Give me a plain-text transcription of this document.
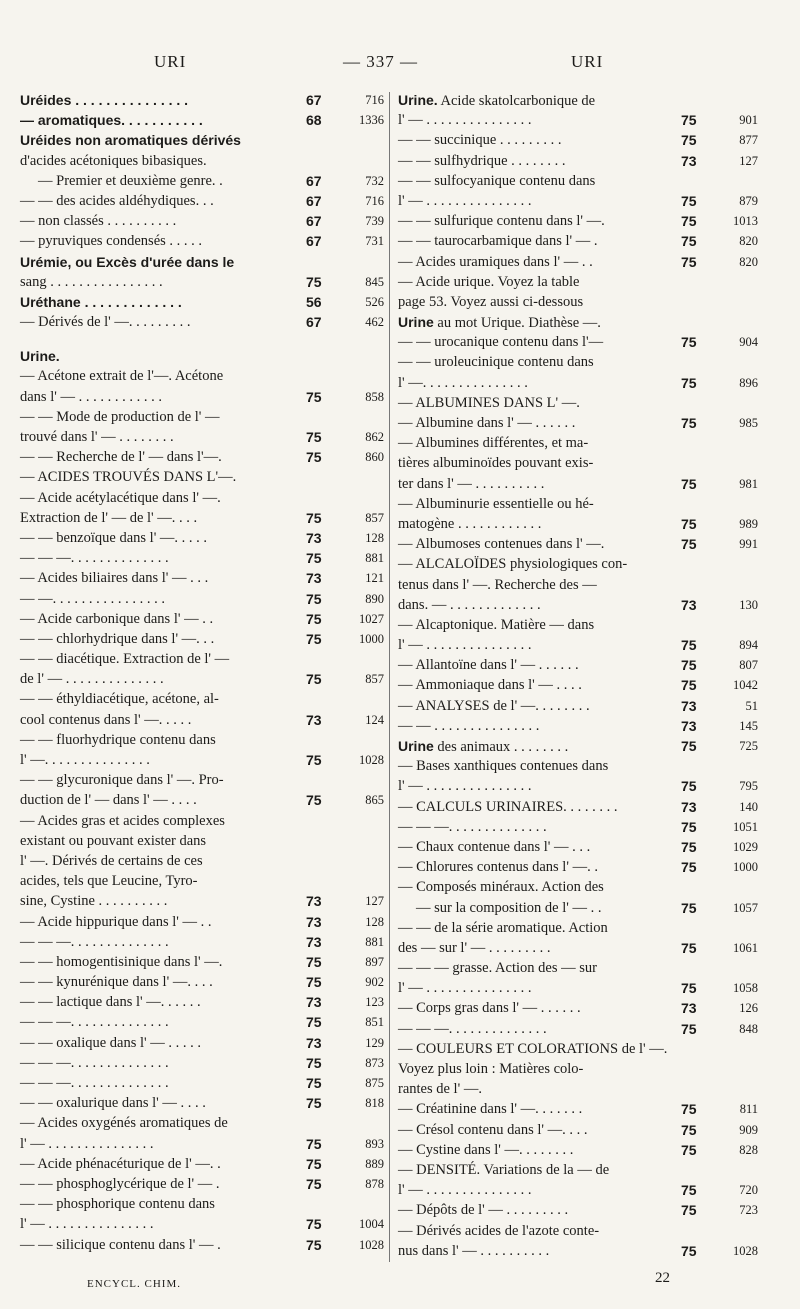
URI	— 337 —	URI
Uréides . . . . . . . . . . . . . . .	67	716
— aromatiques. . . . . . . . . . .	68	1336
Uréides non aromatiques dérivés
d'acides acétoniques bibasiques.
— Premier et deuxième genre. .	67	732
— — des acides aldéhydiques. . .	67	716
— non classés . . . . . . . . . .	67	739
— pyruviques condensés . . . . .	67	731
Urémie, ou Excès d'urée dans le
sang . . . . . . . . . . . . . . . .	75	845
Uréthane . . . . . . . . . . . . .	56	526
— Dérivés de l' —. . . . . . . . .	67	462
Urine.
— Acétone extrait de l'—. Acétone
dans l' — . . . . . . . . . . . .	75	858
— — Mode de production de l' —
trouvé dans l' — . . . . . . . .	75	862
— — Recherche de l' — dans l'—.	75	860
— ACIDES TROUVÉS DANS L'—.
— Acide acétylacétique dans l' —.
Extraction de l' — de l' —. . . .	75	857
— — benzoïque dans l' —. . . . .	73	128
— — —. . . . . . . . . . . . . .	75	881
— Acides biliaires dans l' — . . .	73	121
— —. . . . . . . . . . . . . . . .	75	890
— Acide carbonique dans l' — . .	75	1027
— — chlorhydrique dans l' —. . .	75	1000
— — diacétique. Extraction de l' —
de l' — . . . . . . . . . . . . . .	75	857
— — éthyldiacétique, acétone, al-
cool contenus dans l' —. . . . .	73	124
— — fluorhydrique contenu dans
l' —. . . . . . . . . . . . . . .	75	1028
— — glycuronique dans l' —. Pro-
duction de l' — dans l' — . . . .	75	865
— Acides gras et acides complexes
existant ou pouvant exister dans
l' —. Dérivés de certains de ces
acides, tels que Leucine, Tyro-
sine, Cystine . . . . . . . . . .	73	127
— Acide hippurique dans l' — . .	73	128
— — —. . . . . . . . . . . . . .	73	881
— — homogentisinique dans l' —.	75	897
— — kynurénique dans l' —. . . .	75	902
— — lactique dans l' —. . . . . .	73	123
— — —. . . . . . . . . . . . . .	75	851
— — oxalique dans l' — . . . . .	73	129
— — —. . . . . . . . . . . . . .	75	873
— — —. . . . . . . . . . . . . .	75	875
— — oxalurique dans l' — . . . .	75	818
— Acides oxygénés aromatiques de
l' — . . . . . . . . . . . . . . .	75	893
— Acide phénacéturique de l' —. .	75	889
— — phosphoglycérique de l' — .	75	878
— — phosphorique contenu dans
l' — . . . . . . . . . . . . . . .	75	1004
— — silicique contenu dans l' — .	75	1028
Urine. Acide skatolcarbonique de
l' — . . . . . . . . . . . . . . .	75	901
— — succinique . . . . . . . . .	75	877
— — sulfhydrique . . . . . . . .	73	127
— — sulfocyanique contenu dans
l' — . . . . . . . . . . . . . . .	75	879
— — sulfurique contenu dans l' —.	75	1013
— — taurocarbamique dans l' — .	75	820
— Acides uramiques dans l' — . .	75	820
— Acide urique. Voyez la table
page 53. Voyez aussi ci-dessous
Urine au mot Urique. Diathèse —.
— — urocanique contenu dans l'—	75	904
— — uroleucinique contenu dans
l' —. . . . . . . . . . . . . . .	75	896
— ALBUMINES DANS L' —.
— Albumine dans l' — . . . . . .	75	985
— Albumines différentes, et ma-
tières albuminoïdes pouvant exis-
ter dans l' — . . . . . . . . . .	75	981
— Albuminurie essentielle ou hé-
matogène . . . . . . . . . . . .	75	989
— Albumoses contenues dans l' —.	75	991
— ALCALOÏDES physiologiques con-
tenus dans l' —. Recherche des —
dans. — . . . . . . . . . . . . .	73	130
— Alcaptonique. Matière — dans
l' — . . . . . . . . . . . . . . .	75	894
— Allantoïne dans l' — . . . . . .	75	807
— Ammoniaque dans l' — . . . .	75	1042
— ANALYSES de l' —. . . . . . . .	73	51
— — . . . . . . . . . . . . . . .	73	145
Urine des animaux . . . . . . . .	75	725
— Bases xanthiques contenues dans
l' — . . . . . . . . . . . . . . .	75	795
— CALCULS URINAIRES. . . . . . . .	73	140
— — —. . . . . . . . . . . . . .	75	1051
— Chaux contenue dans l' — . . .	75	1029
— Chlorures contenus dans l' —. .	75	1000
— Composés minéraux. Action des
— sur la composition de l' — . .	75	1057
— — de la série aromatique. Action
des — sur l' — . . . . . . . . .	75	1061
— — — grasse. Action des — sur
l' — . . . . . . . . . . . . . . .	75	1058
— Corps gras dans l' — . . . . . .	73	126
— — —. . . . . . . . . . . . . .	75	848
— COULEURS ET COLORATIONS de l' —.
Voyez plus loin : Matières colo-
rantes de l' —.
— Créatinine dans l' —. . . . . . .	75	811
— Crésol contenu dans l' —. . . .	75	909
— Cystine dans l' —. . . . . . . .	75	828
— DENSITÉ. Variations de la — de
l' — . . . . . . . . . . . . . . .	75	720
— Dépôts de l' — . . . . . . . . .	75	723
— Dérivés acides de l'azote conte-
nus dans l' — . . . . . . . . . .	75	1028
ENCYCL. CHIM.	22
